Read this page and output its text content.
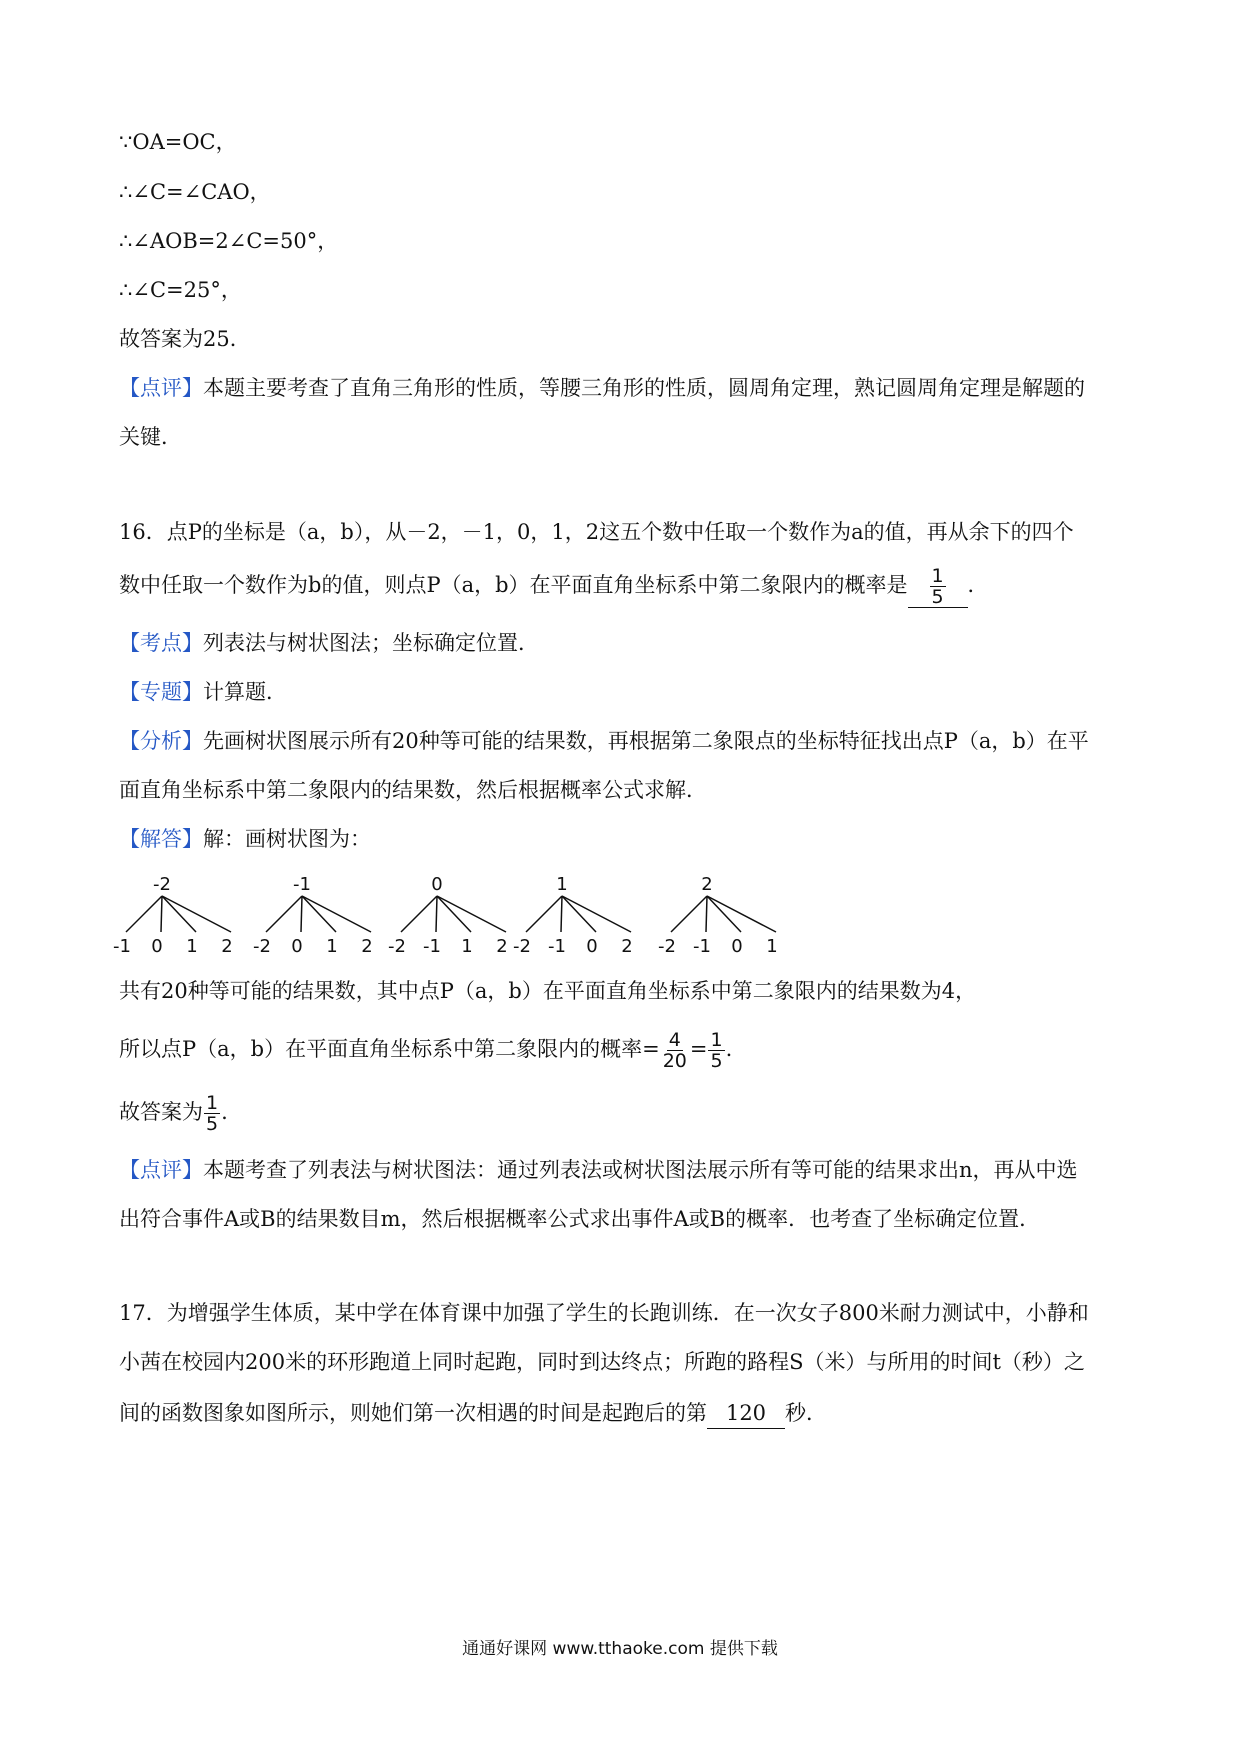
∵OA=OC，
∴∠C=∠CAO，
∴∠AOB=2∠C=50°，
∴∠C=25°，
故答案为25．
【点评】本题主要考查了直角三角形的性质，等腰三角形的性质，圆周角定理，熟记圆周角定理是解题的
关键．
16．点P的坐标是（a，b），从－2，－1，0，1，2这五个数中任取一个数作为a的值，再从余下的四个
数中任取一个数作为b的值，则点P（a，b）在平面直角坐标系中第二象限内的概率是 $\frac{1}{5}$ ．
【考点】列表法与树状图法；坐标确定位置．
【专题】计算题．
【分析】先画树状图展示所有20种等可能的结果数，再根据第二象限点的坐标特征找出点P（a，b）在平
面直角坐标系中第二象限内的结果数，然后根据概率公式求解．
【解答】解：画树状图为：
-2
-1 0 1 2
-1
-2 0 1 2
0
-2 -1 1 2
1
-2 -1 0 2
2
-2 -1 0 1
共有20种等可能的结果数，其中点P（a，b）在平面直角坐标系中第二象限内的结果数为4，
所以点P（a，b）在平面直角坐标系中第二象限内的概率= $\frac{4}{20} = \frac{1}{5}$ .
故答案为 $\frac{1}{5}$ .
【点评】本题考查了列表法与树状图法：通过列表法或树状图法展示所有等可能的结果求出n，再从中选
出符合事件A或B的结果数目m，然后根据概率公式求出事件A或B的概率．也考查了坐标确定位置．
17．为增强学生体质，某中学在体育课中加强了学生的长跑训练．在一次女子800米耐力测试中，小静和
小茜在校园内200米的环形跑道上同时起跑，同时到达终点；所跑的路程S（米）与所用的时间t（秒）之
间的函数图象如图所示，则她们第一次相遇的时间是起跑后的第 120 秒．
通通好课网 www.tthaoke.com 提供下载
